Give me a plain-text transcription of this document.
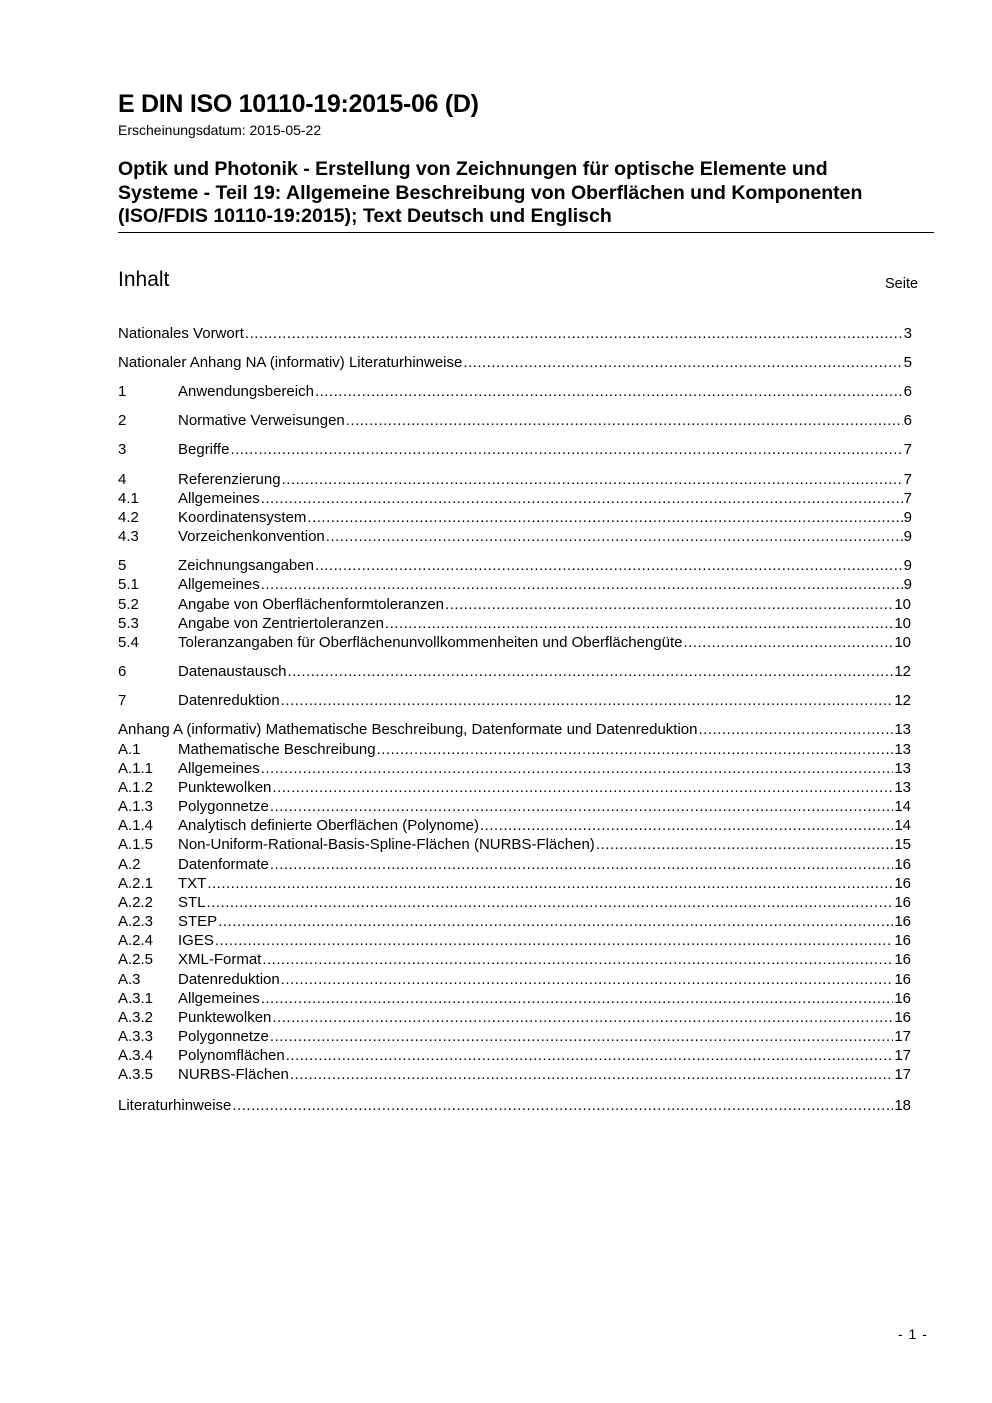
E DIN ISO 10110-19:2015-06 (D)
Erscheinungsdatum: 2015-05-22
Optik und Photonik - Erstellung von Zeichnungen für optische Elemente und
Systeme - Teil 19: Allgemeine Beschreibung von Oberflächen und Komponenten
(ISO/FDIS 10110-19:2015); Text Deutsch und Englisch
Inhalt	Seite
Nationales Vorwort .....	3
Nationaler Anhang NA (informativ) Literaturhinweise .....	5
1	Anwendungsbereich .....	6
2	Normative Verweisungen .....	6
3	Begriffe .....	7
4	Referenzierung .....	7
4.1	Allgemeines .....	7
4.2	Koordinatensystem .....	9
4.3	Vorzeichenkonvention .....	9
5	Zeichnungsangaben .....	9
5.1	Allgemeines .....	9
5.2	Angabe von Oberflächenformtoleranzen .....	10
5.3	Angabe von Zentriertoleranzen .....	10
5.4	Toleranzangaben für Oberflächenunvollkommenheiten und Oberflächengüte .....	10
6	Datenaustausch .....	12
7	Datenreduktion .....	12
Anhang A (informativ) Mathematische Beschreibung, Datenformate und Datenreduktion .....	13
A.1	Mathematische Beschreibung .....	13
A.1.1	Allgemeines .....	13
A.1.2	Punktewolken .....	13
A.1.3	Polygonnetze .....	14
A.1.4	Analytisch definierte Oberflächen (Polynome) .....	14
A.1.5	Non-Uniform-Rational-Basis-Spline-Flächen (NURBS-Flächen) .....	15
A.2	Datenformate .....	16
A.2.1	TXT .....	16
A.2.2	STL .....	16
A.2.3	STEP .....	16
A.2.4	IGES .....	16
A.2.5	XML-Format .....	16
A.3	Datenreduktion .....	16
A.3.1	Allgemeines .....	16
A.3.2	Punktewolken .....	16
A.3.3	Polygonnetze .....	17
A.3.4	Polynomflächen .....	17
A.3.5	NURBS-Flächen .....	17
Literaturhinweise .....	18
- 1 -
